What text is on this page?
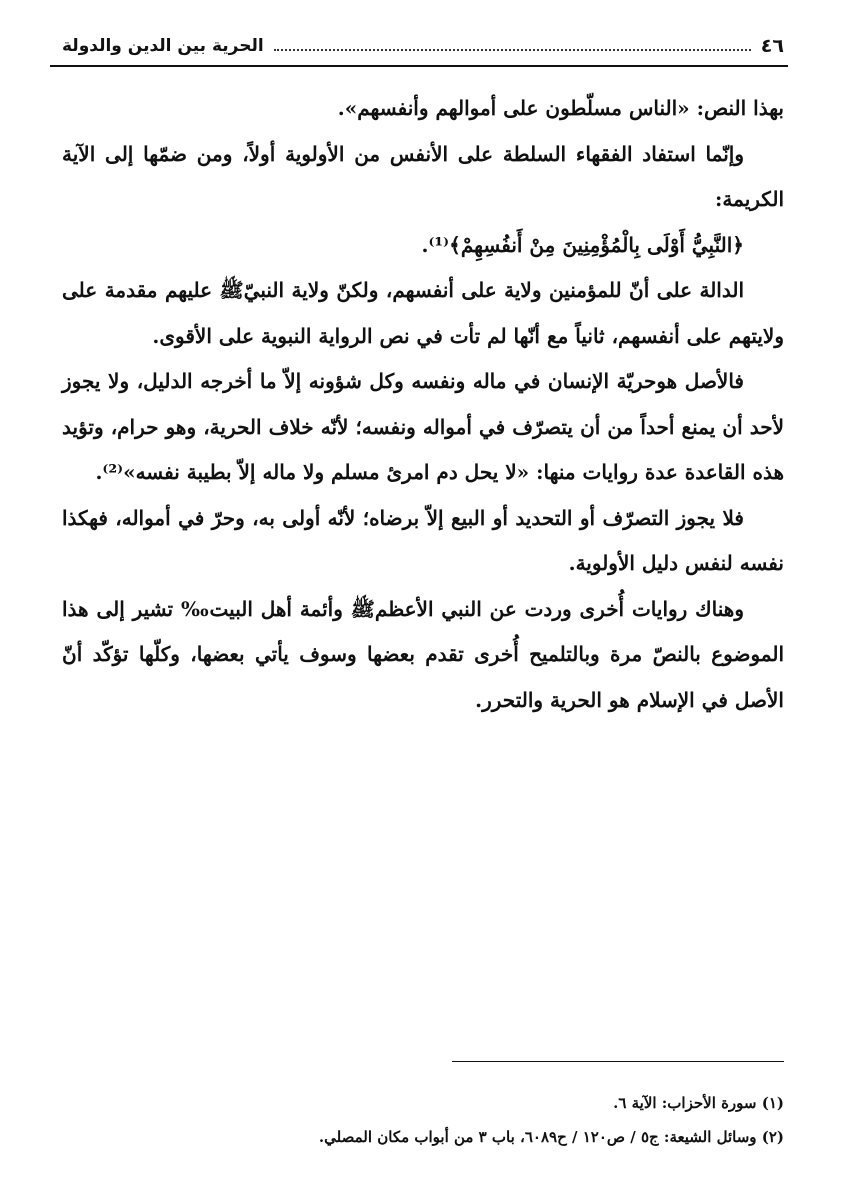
٤٦
الحرية بين الدين والدولة

بهذا النص: «الناس مسلّطون على أموالهم وأنفسهم».

وإنّما استفاد الفقهاء السلطة على الأنفس من الأولوية أولاً، ومن ضمّها إلى الآية الكريمة:

﴿النَّبِيُّ أَوْلَى بِالْمُؤْمِنِينَ مِنْ أَنفُسِهِمْ﴾⁽¹⁾.

الدالة على أنّ للمؤمنين ولاية على أنفسهم، ولكنّ ولاية النبيّﷺ عليهم مقدمة على ولايتهم على أنفسهم، ثانياً مع أنّها لم تأت في نص الرواية النبوية على الأقوى.

فالأصل هوحريّة الإنسان في ماله ونفسه وكل شؤونه إلاّ ما أخرجه الدليل، ولا يجوز لأحد أن يمنع أحداً من أن يتصرّف في أمواله ونفسه؛ لأنّه خلاف الحرية، وهو حرام، وتؤيد هذه القاعدة عدة روايات منها: «لا يحل دم امرئ مسلم ولا ماله إلاّ بطيبة نفسه»⁽²⁾.

فلا يجوز التصرّف أو التحديد أو البيع إلاّ برضاه؛ لأنّه أولى به، وحرّ في أمواله، فهكذا نفسه لنفس دليل الأولوية.

وهناك روايات أُخرى وردت عن النبي الأعظمﷺ وأئمة أهل البيت‰ تشير إلى هذا الموضوع بالنصّ مرة وبالتلميح أُخرى تقدم بعضها وسوف يأتي بعضها، وكلّها تؤكّد أنّ الأصل في الإسلام هو الحرية والتحرر.

(١) سورة الأحزاب: الآية ٦.
(٢) وسائل الشيعة: ج٥ / ص١٢٠ / ح٦٠٨٩، باب ٣ من أبواب مكان المصلي.
